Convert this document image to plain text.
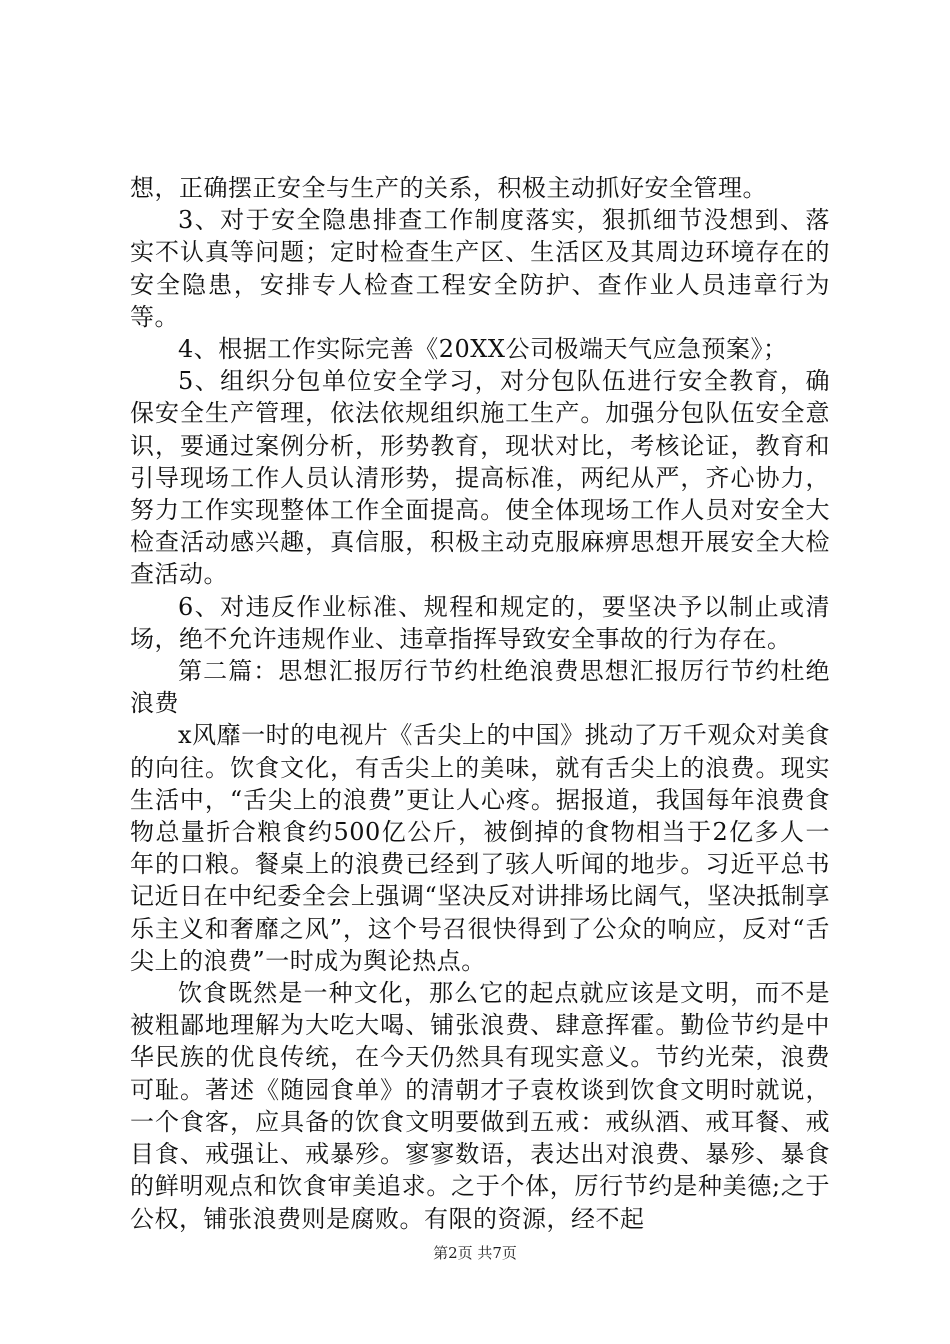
想，正确摆正安全与生产的关系，积极主动抓好安全管理。

3、对于安全隐患排查工作制度落实，狠抓细节没想到、落实不认真等问题；定时检查生产区、生活区及其周边环境存在的安全隐患，安排专人检查工程安全防护、查作业人员违章行为等。

4、根据工作实际完善《20XX公司极端天气应急预案》；

5、组织分包单位安全学习，对分包队伍进行安全教育，确保安全生产管理，依法依规组织施工生产。加强分包队伍安全意识，要通过案例分析，形势教育，现状对比，考核论证，教育和引导现场工作人员认清形势，提高标准，两纪从严，齐心协力，努力工作实现整体工作全面提高。使全体现场工作人员对安全大检查活动感兴趣，真信服，积极主动克服麻痹思想开展安全大检查活动。

6、对违反作业标准、规程和规定的，要坚决予以制止或清场，绝不允许违规作业、违章指挥导致安全事故的行为存在。

第二篇：思想汇报厉行节约杜绝浪费思想汇报厉行节约杜绝浪费

x风靡一时的电视片《舌尖上的中国》挑动了万千观众对美食的向往。饮食文化，有舌尖上的美味，就有舌尖上的浪费。现实生活中，“舌尖上的浪费”更让人心疼。据报道，我国每年浪费食物总量折合粮食约500亿公斤，被倒掉的食物相当于2亿多人一年的口粮。餐桌上的浪费已经到了骇人听闻的地步。习近平总书记近日在中纪委全会上强调“坚决反对讲排场比阔气，坚决抵制享乐主义和奢靡之风”，这个号召很快得到了公众的响应，反对“舌尖上的浪费”一时成为舆论热点。

饮食既然是一种文化，那么它的起点就应该是文明，而不是被粗鄙地理解为大吃大喝、铺张浪费、肆意挥霍。勤俭节约是中华民族的优良传统，在今天仍然具有现实意义。节约光荣，浪费可耻。著述《随园食单》的清朝才子袁枚谈到饮食文明时就说，一个食客，应具备的饮食文明要做到五戒：戒纵酒、戒耳餐、戒目食、戒强让、戒暴殄。寥寥数语，表达出对浪费、暴殄、暴食的鲜明观点和饮食审美追求。之于个体，厉行节约是种美德;之于公权，铺张浪费则是腐败。有限的资源，经不起

第2页 共7页
